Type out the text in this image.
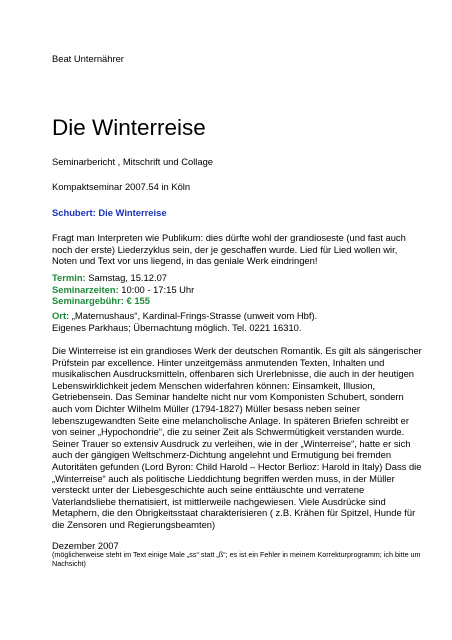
Beat Unternährer
Die Winterreise
Seminarbericht , Mitschrift und Collage
Kompaktseminar 2007.54 in Köln
Schubert: Die Winterreise
Fragt man Interpreten wie Publikum: dies dürfte wohl der grandioseste (und fast auch noch der erste) Liederzyklus sein, der je geschaffen wurde. Lied für Lied wollen wir, Noten und Text vor uns liegend, in das geniale Werk eindringen!
Termin: Samstag, 15.12.07
Seminarzeiten: 10:00 - 17:15 Uhr
Seminargebühr: € 155
Ort: „Maternushaus“, Kardinal-Frings-Strasse (unweit vom Hbf).
Eigenes Parkhaus; Übernachtung möglich. Tel. 0221 16310.
Die Winterreise ist ein grandioses Werk der deutschen Romantik. Es gilt als sängerischer Prüfstein par excellence. Hinter unzeitgemäss anmutenden Texten, Inhalten und musikalischen Ausdrucksmitteln, offenbaren sich Urerlebnisse, die auch in der heutigen Lebenswirklichkeit jedem Menschen widerfahren können: Einsamkeit, Illusion, Getriebensein. Das Seminar handelte nicht nur vom Komponisten Schubert, sondern auch vom Dichter Wilhelm Müller (1794-1827) Müller besass neben seiner lebenszugewandten Seite eine melancholische Anlage. In späteren Briefen schreibt er von seiner „Hypochondrie“, die zu seiner Zeit als Schwermütigkeit verstanden wurde. Seiner Trauer so extensiv Ausdruck zu verleihen, wie in der „Winterreise“, hatte er sich auch der gängigen Weltschmerz-Dichtung angelehnt und Ermutigung bei fremden Autoritäten gefunden (Lord Byron: Child Harold – Hector Berlioz: Harold in Italy) Dass die „Winterreise“ auch als politische Lieddichtung begriffen werden muss, in der Müller versteckt unter der Liebesgeschichte auch seine enttäuschte und verratene Vaterlandsliebe thematisiert, ist mittlerweile nachgewiesen. Viele Ausdrücke sind Metaphern, die den Obrigkeitsstaat charakterisieren ( z.B. Krähen für Spitzel, Hunde für die Zensoren und Regierungsbeamten)
Dezember 2007
(möglicherweise steht im Text einige Male „ss“ statt „ß“; es ist ein Fehler in meinem Korrekturprogramm; ich bitte um Nachsicht)
